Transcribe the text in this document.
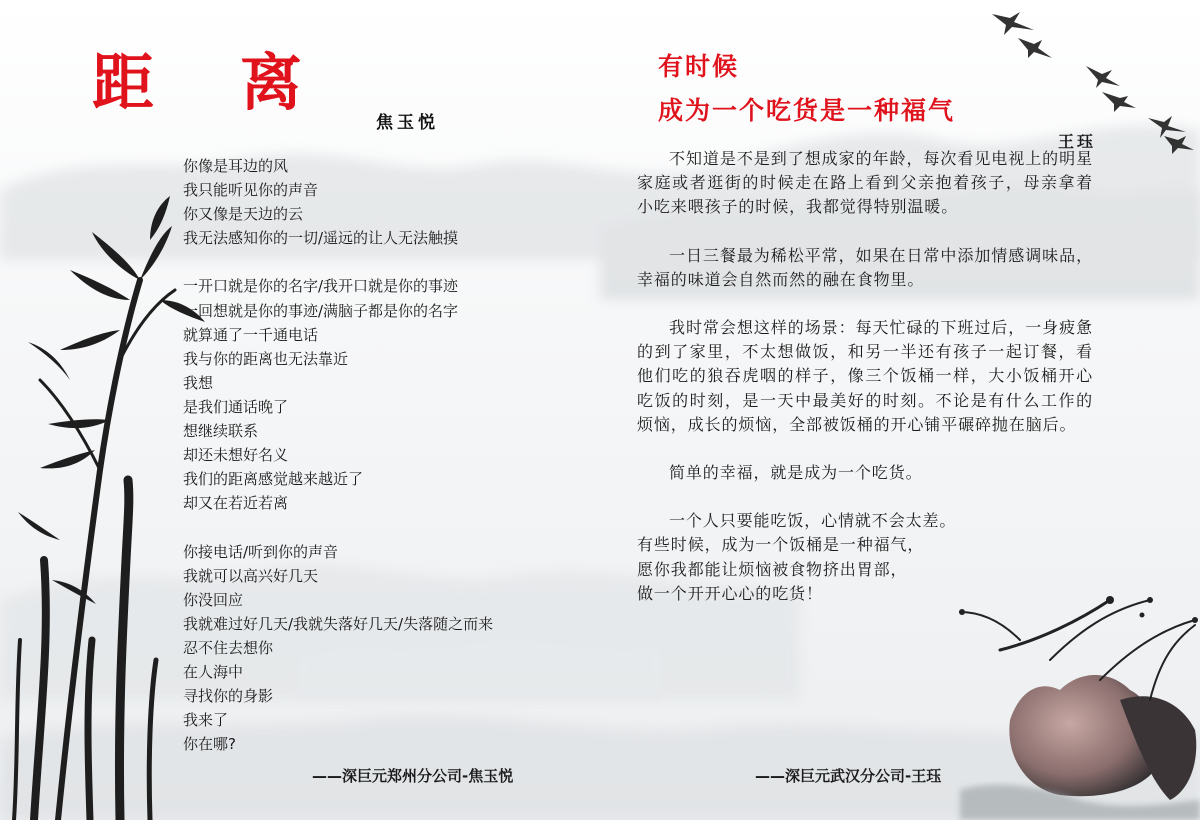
距离

焦玉悦

你像是耳边的风
我只能听见你的声音
你又像是天边的云
我无法感知你的一切/遥远的让人无法触摸
一开口就是你的名字/我开口就是你的事迹
一回想就是你的事迹/满脑子都是你的名字
就算通了一千通电话
我与你的距离也无法靠近
我想
是我们通话晚了
想继续联系
却还未想好名义
我们的距离感觉越来越近了
却又在若近若离
你接电话/听到你的声音
我就可以高兴好几天
你没回应
我就难过好几天/我就失落好几天/失落随之而来
忍不住去想你
在人海中
寻找你的身影
我来了
你在哪?

——深巨元郑州分公司-焦玉悦

有时候
成为一个吃货是一种福气

王珏

不知道是不是到了想成家的年龄，每次看见电视上的明星家庭或者逛街的时候走在路上看到父亲抱着孩子，母亲拿着小吃来喂孩子的时候，我都觉得特别温暖。

一日三餐最为稀松平常，如果在日常中添加情感调味品，幸福的味道会自然而然的融在食物里。

我时常会想这样的场景：每天忙碌的下班过后，一身疲惫的到了家里，不太想做饭，和另一半还有孩子一起订餐，看他们吃的狼吞虎咽的样子，像三个饭桶一样，大小饭桶开心吃饭的时刻，是一天中最美好的时刻。不论是有什么工作的烦恼，成长的烦恼，全部被饭桶的开心铺平碾碎抛在脑后。

简单的幸福，就是成为一个吃货。

一个人只要能吃饭，心情就不会太差。

有些时候，成为一个饭桶是一种福气，
愿你我都能让烦恼被食物挤出胃部，
做一个开开心心的吃货！

——深巨元武汉分公司-王珏
